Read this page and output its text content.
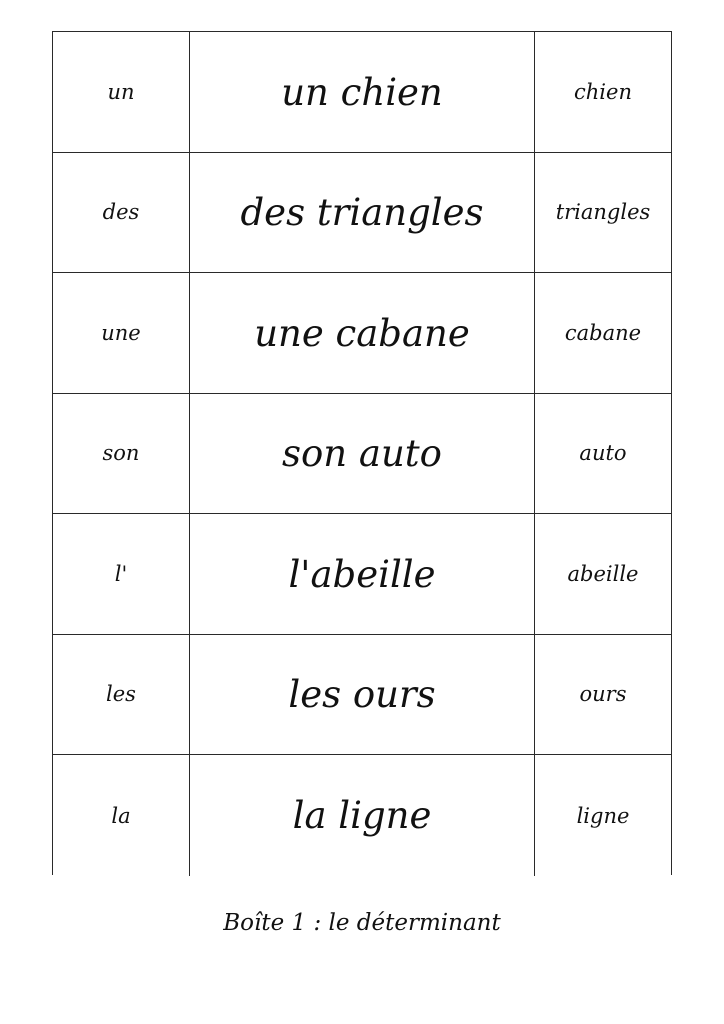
un	un chien	chien
des	des triangles	triangles
une	une cabane	cabane
son	son auto	auto
l'	l'abeille	abeille
les	les ours	ours
la	la ligne	ligne
Boîte 1 : le déterminant
